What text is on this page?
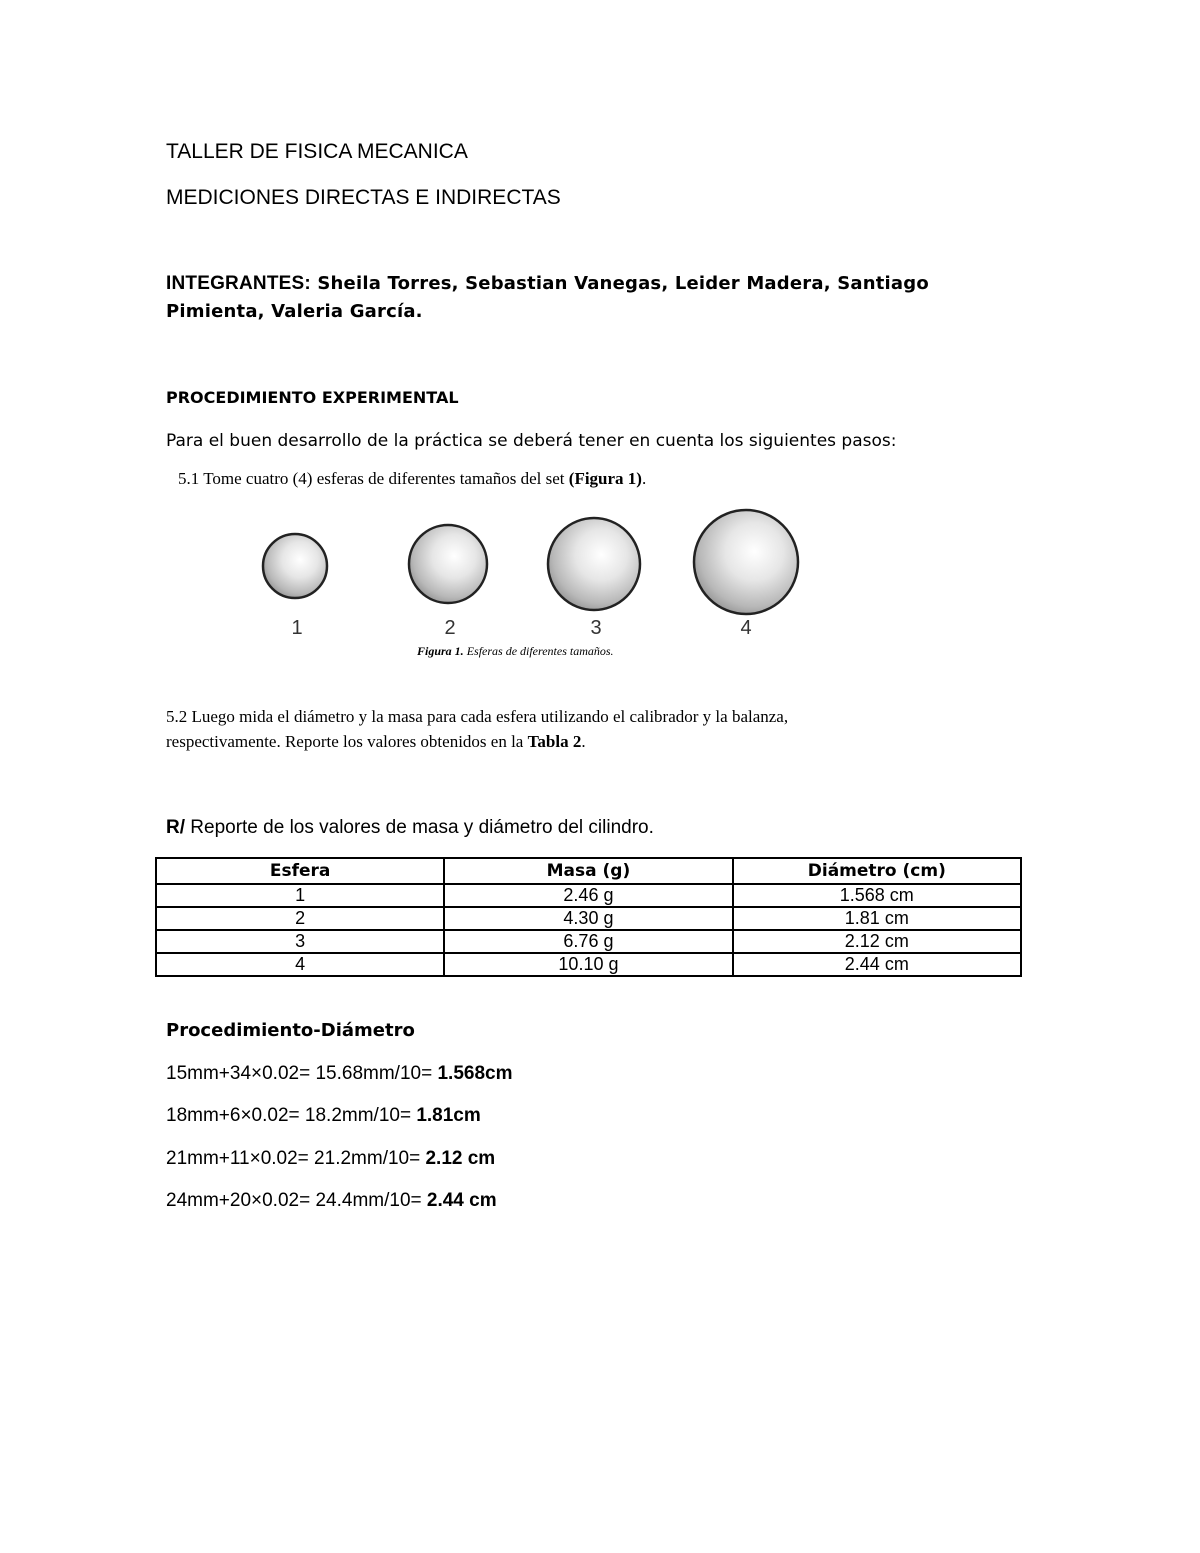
TALLER DE FISICA MECANICA
MEDICIONES DIRECTAS E INDIRECTAS
INTEGRANTES: Sheila Torres, Sebastian Vanegas, Leider Madera, Santiago Pimienta, Valeria García.
PROCEDIMIENTO EXPERIMENTAL
Para el buen desarrollo de la práctica se deberá tener en cuenta los siguientes pasos:
5.1 Tome cuatro (4) esferas de diferentes tamaños del set (Figura 1).
1	2	3	4
Figura 1. Esferas de diferentes tamaños.
5.2 Luego mida el diámetro y la masa para cada esfera utilizando el calibrador y la balanza,
respectivamente. Reporte los valores obtenidos en la Tabla 2.
R/ Reporte de los valores de masa y diámetro del cilindro.
Esfera	Masa (g)	Diámetro (cm)
1	2.46 g	1.568 cm
2	4.30 g	1.81 cm
3	6.76 g	2.12 cm
4	10.10 g	2.44 cm
Procedimiento-Diámetro
15mm+34×0.02= 15.68mm/10= 1.568cm
18mm+6×0.02= 18.2mm/10= 1.81cm
21mm+11×0.02= 21.2mm/10= 2.12 cm
24mm+20×0.02= 24.4mm/10= 2.44 cm
